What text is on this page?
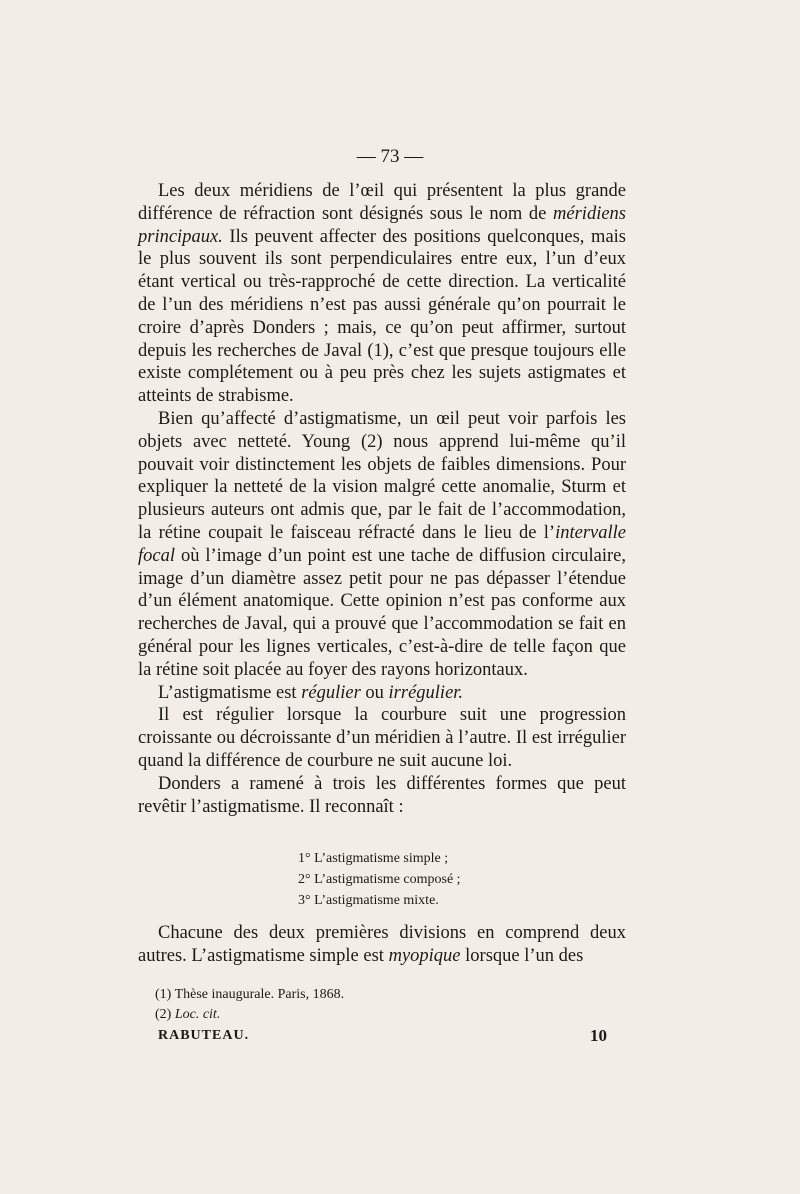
— 73 —

Les deux méridiens de l’œil qui présentent la plus grande différence de réfraction sont désignés sous le nom de méridiens principaux. Ils peuvent affecter des positions quelconques, mais le plus souvent ils sont perpendiculaires entre eux, l’un d’eux étant vertical ou très-rapproché de cette direction. La verticalité de l’un des méridiens n’est pas aussi générale qu’on pourrait le croire d’après Donders ; mais, ce qu’on peut affirmer, surtout depuis les recherches de Javal (1), c’est que presque toujours elle existe complétement ou à peu près chez les sujets astigmates et atteints de strabisme.

Bien qu’affecté d’astigmatisme, un œil peut voir parfois les objets avec netteté. Young (2) nous apprend lui-même qu’il pouvait voir distinctement les objets de faibles dimensions. Pour expliquer la netteté de la vision malgré cette anomalie, Sturm et plusieurs auteurs ont admis que, par le fait de l’accommodation, la rétine coupait le faisceau réfracté dans le lieu de l’intervalle focal où l’image d’un point est une tache de diffusion circulaire, image d’un diamètre assez petit pour ne pas dépasser l’étendue d’un élément anatomique. Cette opinion n’est pas conforme aux recherches de Javal, qui a prouvé que l’accommodation se fait en général pour les lignes verticales, c’est-à-dire de telle façon que la rétine soit placée au foyer des rayons horizontaux.

L’astigmatisme est régulier ou irrégulier.

Il est régulier lorsque la courbure suit une progression croissante ou décroissante d’un méridien à l’autre. Il est irrégulier quand la différence de courbure ne suit aucune loi.

Donders a ramené à trois les différentes formes que peut revêtir l’astigmatisme. Il reconnaît :

1° L’astigmatisme simple ;
2° L’astigmatisme composé ;
3° L’astigmatisme mixte.

Chacune des deux premières divisions en comprend deux autres. L’astigmatisme simple est myopique lorsque l’un des

(1) Thèse inaugurale. Paris, 1868.
(2) Loc. cit.
RABUTEAU.	10
